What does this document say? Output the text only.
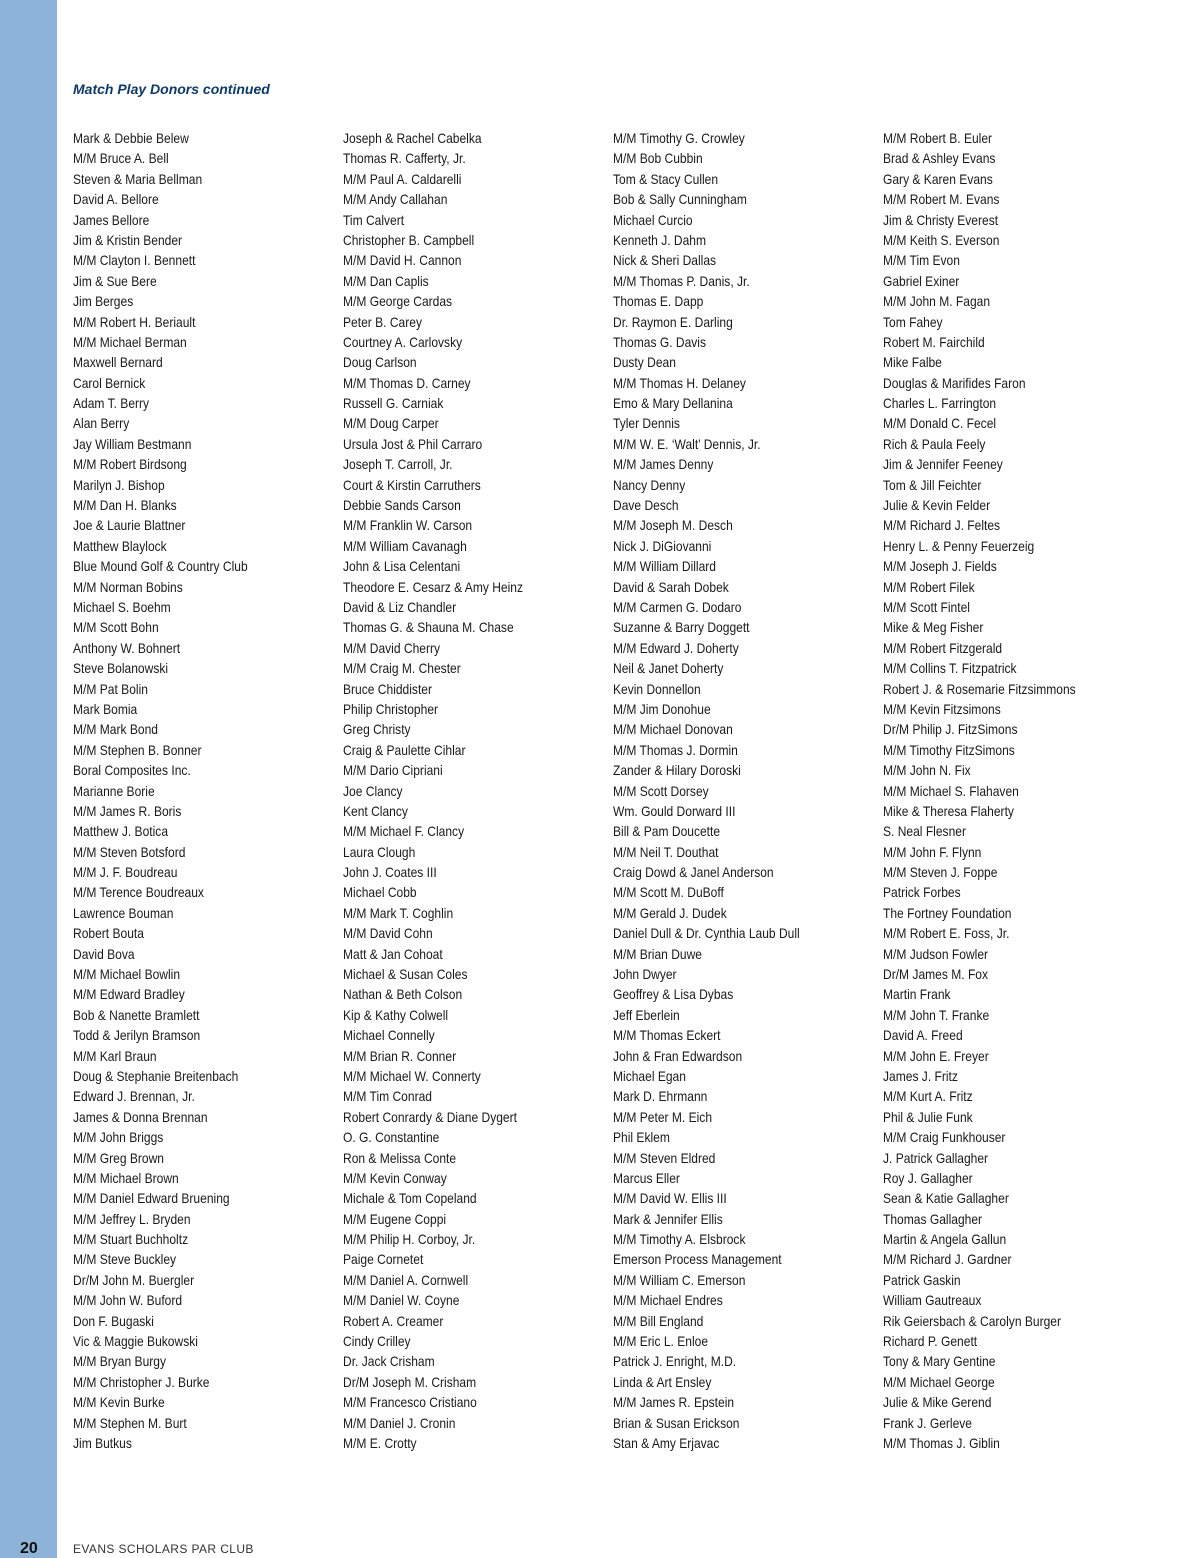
Match Play Donors continued
Mark & Debbie Belew
M/M Bruce A. Bell
Steven & Maria Bellman
David A. Bellore
James Bellore
Jim & Kristin Bender
M/M Clayton I. Bennett
Jim & Sue Bere
Jim Berges
M/M Robert H. Beriault
M/M Michael Berman
Maxwell Bernard
Carol Bernick
Adam T. Berry
Alan Berry
Jay William Bestmann
M/M Robert Birdsong
Marilyn J. Bishop
M/M Dan H. Blanks
Joe & Laurie Blattner
Matthew Blaylock
Blue Mound Golf & Country Club
M/M Norman Bobins
Michael S. Boehm
M/M Scott Bohn
Anthony W. Bohnert
Steve Bolanowski
M/M Pat Bolin
Mark Bomia
M/M Mark Bond
M/M Stephen B. Bonner
Boral Composites Inc.
Marianne Borie
M/M James R. Boris
Matthew J. Botica
M/M Steven Botsford
M/M J. F. Boudreau
M/M Terence Boudreaux
Lawrence Bouman
Robert Bouta
David Bova
M/M Michael Bowlin
M/M Edward Bradley
Bob & Nanette Bramlett
Todd & Jerilyn Bramson
M/M Karl Braun
Doug & Stephanie Breitenbach
Edward J. Brennan, Jr.
James & Donna Brennan
M/M John Briggs
M/M Greg Brown
M/M Michael Brown
M/M Daniel Edward Bruening
M/M Jeffrey L. Bryden
M/M Stuart Buchholtz
M/M Steve Buckley
Dr/M John M. Buergler
M/M John W. Buford
Don F. Bugaski
Vic & Maggie Bukowski
M/M Bryan Burgy
M/M Christopher J. Burke
M/M Kevin Burke
M/M Stephen M. Burt
Jim Butkus
Joseph & Rachel Cabelka
Thomas R. Cafferty, Jr.
M/M Paul A. Caldarelli
M/M Andy Callahan
Tim Calvert
Christopher B. Campbell
M/M David H. Cannon
M/M Dan Caplis
M/M George Cardas
Peter B. Carey
Courtney A. Carlovsky
Doug Carlson
M/M Thomas D. Carney
Russell G. Carniak
M/M Doug Carper
Ursula Jost & Phil Carraro
Joseph T. Carroll, Jr.
Court & Kirstin Carruthers
Debbie Sands Carson
M/M Franklin W. Carson
M/M William Cavanagh
John & Lisa Celentani
Theodore E. Cesarz & Amy Heinz
David & Liz Chandler
Thomas G. & Shauna M. Chase
M/M David Cherry
M/M Craig M. Chester
Bruce Chiddister
Philip Christopher
Greg Christy
Craig & Paulette Cihlar
M/M Dario Cipriani
Joe Clancy
Kent Clancy
M/M Michael F. Clancy
Laura Clough
John J. Coates III
Michael Cobb
M/M Mark T. Coghlin
M/M David Cohn
Matt & Jan Cohoat
Michael & Susan Coles
Nathan & Beth Colson
Kip & Kathy Colwell
Michael Connelly
M/M Brian R. Conner
M/M Michael W. Connerty
M/M Tim Conrad
Robert Conrardy & Diane Dygert
O. G. Constantine
Ron & Melissa Conte
M/M Kevin Conway
Michale & Tom Copeland
M/M Eugene Coppi
M/M Philip H. Corboy, Jr.
Paige Cornetet
M/M Daniel A. Cornwell
M/M Daniel W. Coyne
Robert A. Creamer
Cindy Crilley
Dr. Jack Crisham
Dr/M Joseph M. Crisham
M/M Francesco Cristiano
M/M Daniel J. Cronin
M/M E. Crotty
M/M Timothy G. Crowley
M/M Bob Cubbin
Tom & Stacy Cullen
Bob & Sally Cunningham
Michael Curcio
Kenneth J. Dahm
Nick & Sheri Dallas
M/M Thomas P. Danis, Jr.
Thomas E. Dapp
Dr. Raymon E. Darling
Thomas G. Davis
Dusty Dean
M/M Thomas H. Delaney
Emo & Mary Dellanina
Tyler Dennis
M/M W. E. ‘Walt’ Dennis, Jr.
M/M James Denny
Nancy Denny
Dave Desch
M/M Joseph M. Desch
Nick J. DiGiovanni
M/M William Dillard
David & Sarah Dobek
M/M Carmen G. Dodaro
Suzanne & Barry Doggett
M/M Edward J. Doherty
Neil & Janet Doherty
Kevin Donnellon
M/M Jim Donohue
M/M Michael Donovan
M/M Thomas J. Dormin
Zander & Hilary Doroski
M/M Scott Dorsey
Wm. Gould Dorward III
Bill & Pam Doucette
M/M Neil T. Douthat
Craig Dowd & Janel Anderson
M/M Scott M. DuBoff
M/M Gerald J. Dudek
Daniel Dull & Dr. Cynthia Laub Dull
M/M Brian Duwe
John Dwyer
Geoffrey & Lisa Dybas
Jeff Eberlein
M/M Thomas Eckert
John & Fran Edwardson
Michael Egan
Mark D. Ehrmann
M/M Peter M. Eich
Phil Eklem
M/M Steven Eldred
Marcus Eller
M/M David W. Ellis III
Mark & Jennifer Ellis
M/M Timothy A. Elsbrock
Emerson Process Management
M/M William C. Emerson
M/M Michael Endres
M/M Bill England
M/M Eric L. Enloe
Patrick J. Enright, M.D.
Linda & Art Ensley
M/M James R. Epstein
Brian & Susan Erickson
Stan & Amy Erjavac
M/M Robert B. Euler
Brad & Ashley Evans
Gary & Karen Evans
M/M Robert M. Evans
Jim & Christy Everest
M/M Keith S. Everson
M/M Tim Evon
Gabriel Exiner
M/M John M. Fagan
Tom Fahey
Robert M. Fairchild
Mike Falbe
Douglas & Marifides Faron
Charles L. Farrington
M/M Donald C. Fecel
Rich & Paula Feely
Jim & Jennifer Feeney
Tom & Jill Feichter
Julie & Kevin Felder
M/M Richard J. Feltes
Henry L. & Penny Feuerzeig
M/M Joseph J. Fields
M/M Robert Filek
M/M Scott Fintel
Mike & Meg Fisher
M/M Robert Fitzgerald
M/M Collins T. Fitzpatrick
Robert J. & Rosemarie Fitzsimmons
M/M Kevin Fitzsimons
Dr/M Philip J. FitzSimons
M/M Timothy FitzSimons
M/M John N. Fix
M/M Michael S. Flahaven
Mike & Theresa Flaherty
S. Neal Flesner
M/M John F. Flynn
M/M Steven J. Foppe
Patrick Forbes
The Fortney Foundation
M/M Robert E. Foss, Jr.
M/M Judson Fowler
Dr/M James M. Fox
Martin Frank
M/M John T. Franke
David A. Freed
M/M John E. Freyer
James J. Fritz
M/M Kurt A. Fritz
Phil & Julie Funk
M/M Craig Funkhouser
J. Patrick Gallagher
Roy J. Gallagher
Sean & Katie Gallagher
Thomas Gallagher
Martin & Angela Gallun
M/M Richard J. Gardner
Patrick Gaskin
William Gautreaux
Rik Geiersbach & Carolyn Burger
Richard P. Genett
Tony & Mary Gentine
M/M Michael George
Julie & Mike Gerend
Frank J. Gerleve
M/M Thomas J. Giblin
20	EVANS SCHOLARS PAR CLUB
